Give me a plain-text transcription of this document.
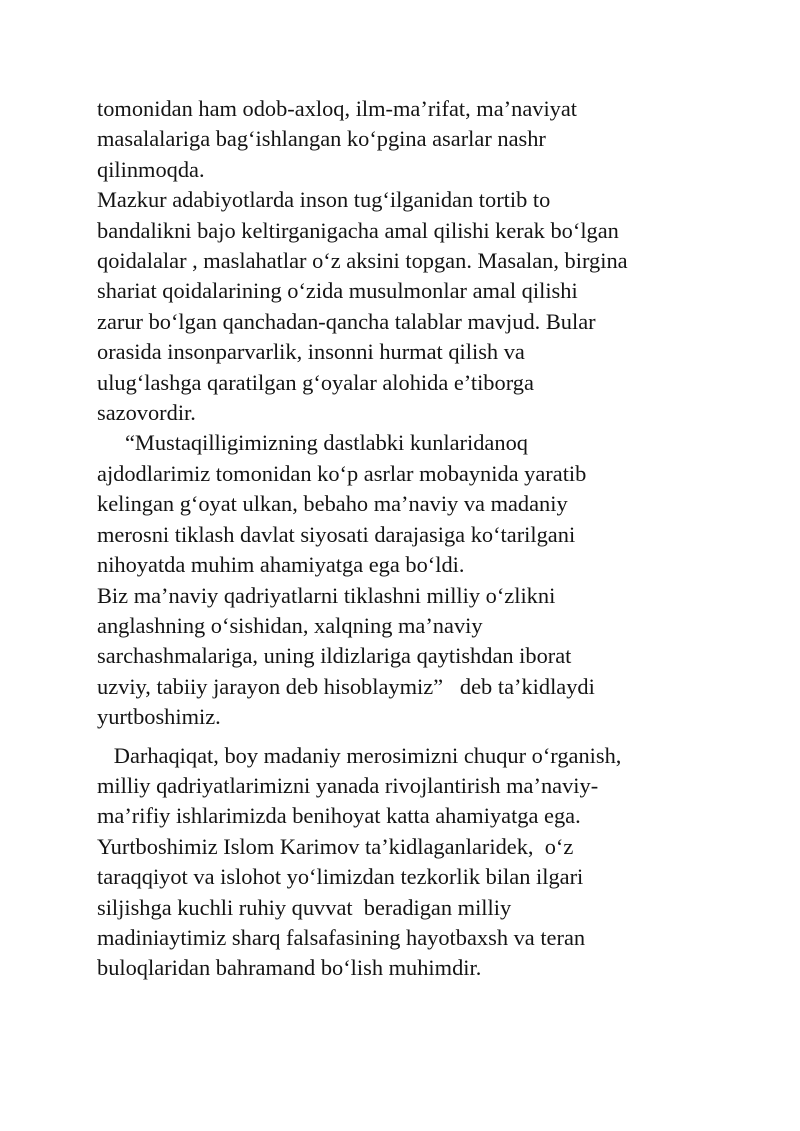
tomonidan ham odob-axloq, ilm-ma’rifat, ma’naviyat
masalalariga bag‘ishlangan ko‘pgina asarlar nashr
qilinmoqda.
Mazkur adabiyotlarda inson tug‘ilganidan tortib to
bandalikni bajo keltirganigacha amal qilishi kerak bo‘lgan
qoidalalar , maslahatlar o‘z aksini topgan. Masalan, birgina
shariat qoidalarining o‘zida musulmonlar amal qilishi
zarur bo‘lgan qanchadan-qancha talablar mavjud. Bular
orasida insonparvarlik, insonni hurmat qilish va
ulug‘lashga qaratilgan g‘oyalar alohida e’tiborga
sazovordir.
“Mustaqilligimizning dastlabki kunlaridanoq
ajdodlarimiz tomonidan ko‘p asrlar mobaynida yaratib
kelingan g‘oyat ulkan, bebaho ma’naviy va madaniy
merosni tiklash davlat siyosati darajasiga ko‘tarilgani
nihoyatda muhim ahamiyatga ega bo‘ldi.
Biz ma’naviy qadriyatlarni tiklashni milliy o‘zlikni
anglashning o‘sishidan, xalqning ma’naviy
sarchashmalariga, uning ildizlariga qaytishdan iborat
uzviy, tabiiy jarayon deb hisoblaymiz”   deb ta’kidlaydi
yurtboshimiz.
Darhaqiqat, boy madaniy merosimizni chuqur o‘rganish,
milliy qadriyatlarimizni yanada rivojlantirish ma’naviy-
ma’rifiy ishlarimizda benihoyat katta ahamiyatga ega.
Yurtboshimiz Islom Karimov ta’kidlaganlaridek,  o‘z
taraqqiyot va islohot yo‘limizdan tezkorlik bilan ilgari
siljishga kuchli ruhiy quvvat  beradigan milliy
madiniaytimiz sharq falsafasining hayotbaxsh va teran
buloqlaridan bahramand bo‘lish muhimdir.
